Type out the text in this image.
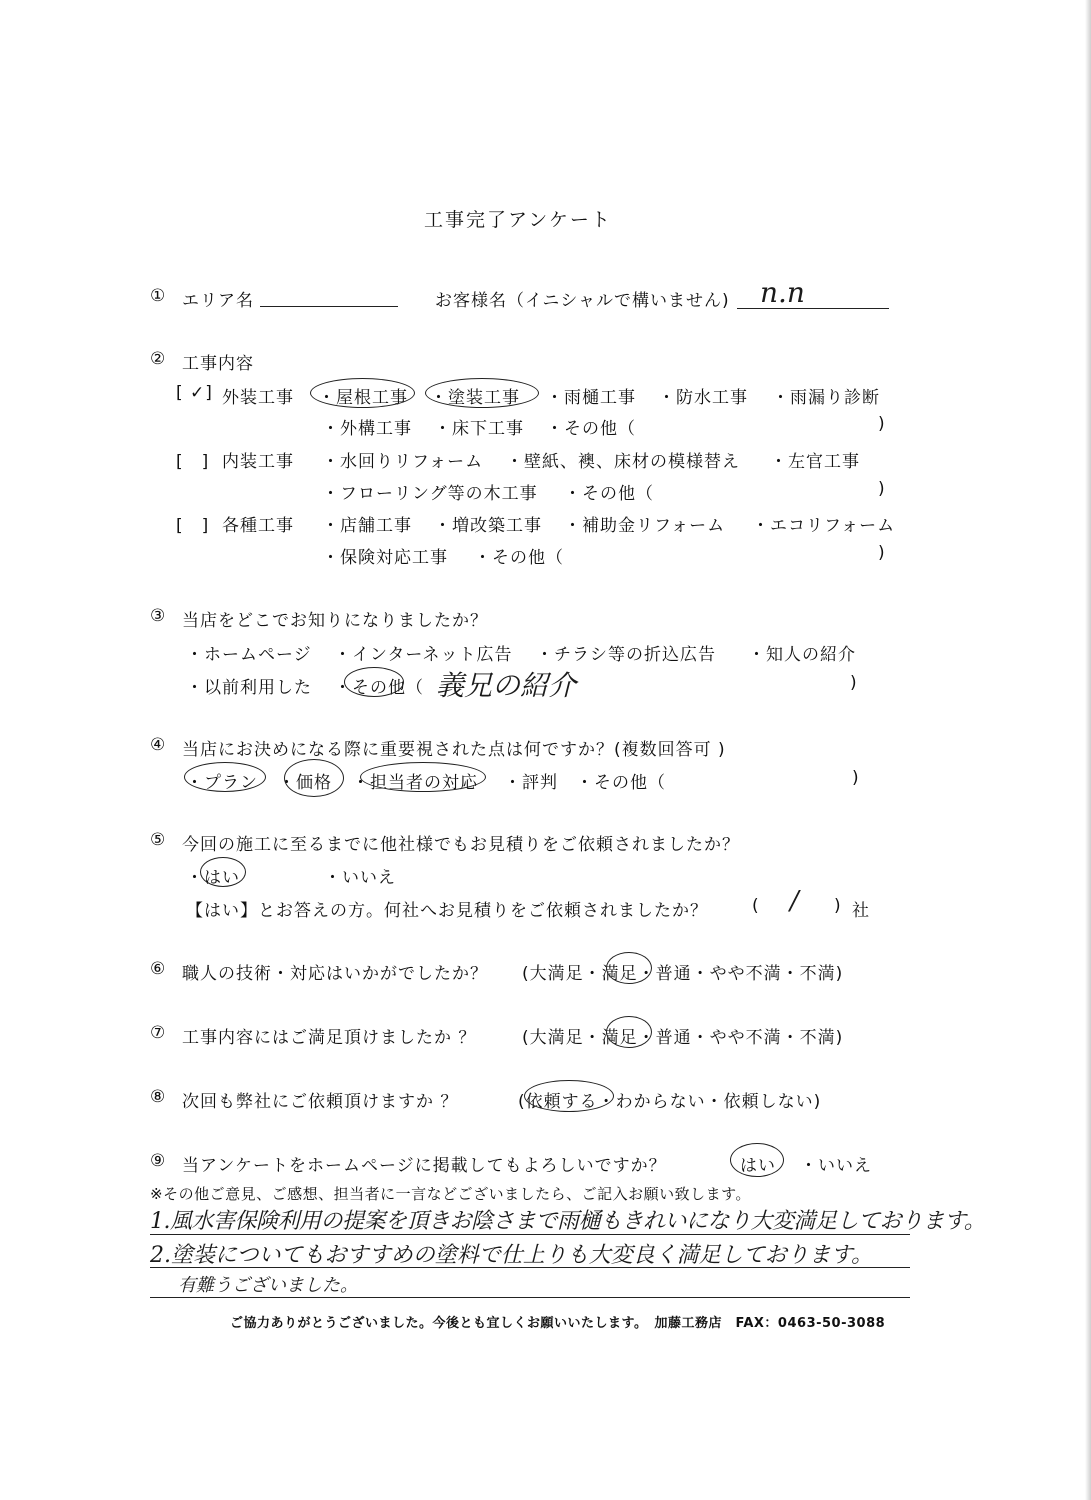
工事完了アンケート
① エリア名	お客様名（イニシャルで構いません) n.n
② 工事内容
[ ✓] 外装工事 ・屋根工事 ・塗装工事 ・雨樋工事 ・防水工事 ・雨漏り診断
・外構工事 ・床下工事 ・その他（	)
[　] 内装工事 ・水回りリフォーム ・壁紙、襖、床材の模様替え ・左官工事
・フローリング等の木工事 ・その他（	)
[　] 各種工事 ・店舗工事 ・増改築工事 ・補助金リフォーム ・エコリフォーム
・保険対応工事 ・その他（	)
③ 当店をどこでお知りになりましたか？
・ホームページ ・インターネット広告 ・チラシ等の折込広告 ・知人の紹介
・以前利用した ・その他（ 義兄の紹介	)
④ 当店にお決めになる際に重要視された点は何ですか？(複数回答可 )
・プラン ・価格 ・担当者の対応 ・評判 ・その他（	)
⑤ 今回の施工に至るまでに他社様でもお見積りをご依頼されましたか？
・はい	・いいえ
【はい】とお答えの方。何社へお見積りをご依頼されましたか？	( / ) 社
⑥ 職人の技術・対応はいかがでしたか？ (大満足・満足・普通・やや不満・不満)
⑦ 工事内容にはご満足頂けましたか ？	(大満足・満足・普通・やや不満・不満)
⑧ 次回も弊社にご依頼頂けますか ？	(依頼する・わからない・依頼しない)
⑨ 当アンケートをホームページに掲載してもよろしいですか？	はい ・いいえ
※その他ご意見、ご感想、担当者に一言などございましたら、ご記入お願い致します。
1.風水害保険利用の提案を頂きお陰さまで雨樋もきれいになり大変満足しております。
2.塗装についてもおすすめの塗料で仕上りも大変良く満足しております。
有難うございました。
ご協力ありがとうございました。今後とも宜しくお願いいたします。　加藤工務店　FAX：0463-50-3088
